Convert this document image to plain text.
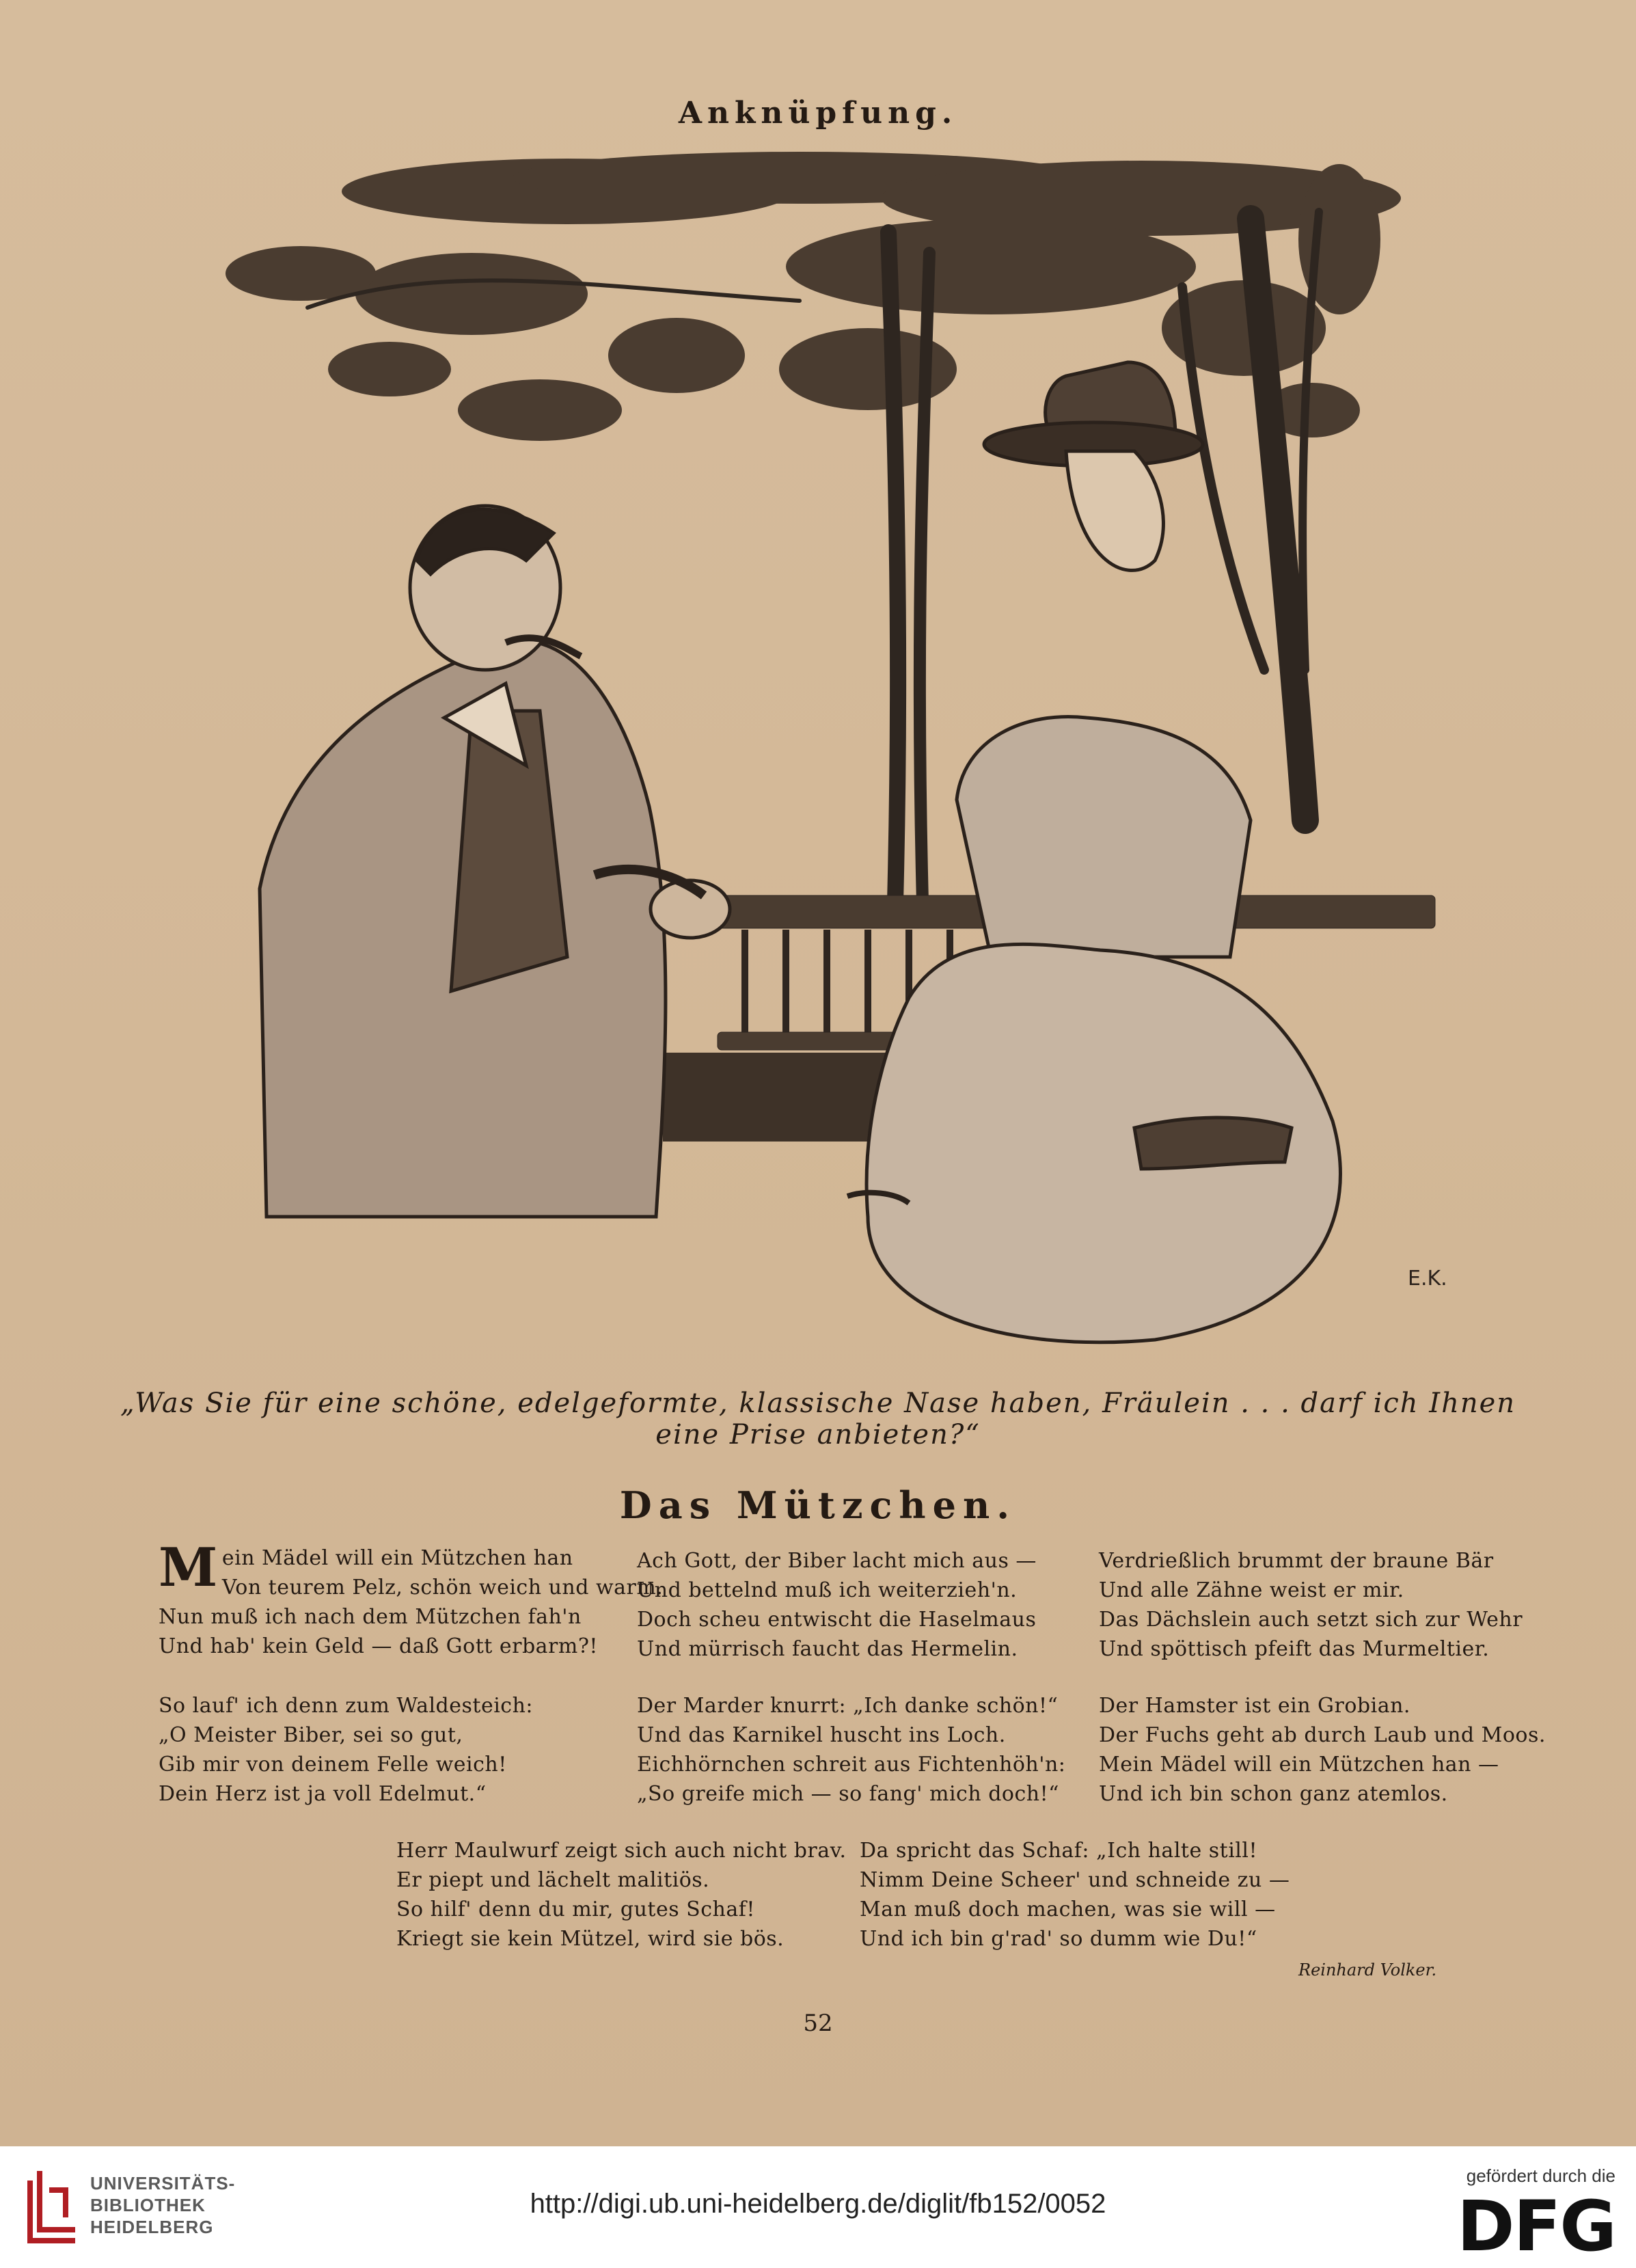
Anknüpfung.
E.K.
„Was Sie für eine schöne, edelgeformte, klassische Nase haben, Fräulein . . . darf ich Ihnen eine Prise anbieten?“
Das Mützchen.
M ein Mädel will ein Mützchen han
Von teurem Pelz, schön weich und warm.
Nun muß ich nach dem Mützchen fah'n
Und hab' kein Geld — daß Gott erbarm?!
Ach Gott, der Biber lacht mich aus —
Und bettelnd muß ich weiterzieh'n.
Doch scheu entwischt die Haselmaus
Und mürrisch faucht das Hermelin.
Verdrießlich brummt der braune Bär
Und alle Zähne weist er mir.
Das Dächslein auch setzt sich zur Wehr
Und spöttisch pfeift das Murmeltier.
So lauf' ich denn zum Waldesteich:
„O Meister Biber, sei so gut,
Gib mir von deinem Felle weich!
Dein Herz ist ja voll Edelmut.“
Der Marder knurrt: „Ich danke schön!“
Und das Karnikel huscht ins Loch.
Eichhörnchen schreit aus Fichtenhöh'n:
„So greife mich — so fang' mich doch!“
Der Hamster ist ein Grobian.
Der Fuchs geht ab durch Laub und Moos.
Mein Mädel will ein Mützchen han —
Und ich bin schon ganz atemlos.
Herr Maulwurf zeigt sich auch nicht brav.
Er piept und lächelt malitiös.
So hilf' denn du mir, gutes Schaf!
Kriegt sie kein Mützel, wird sie bös.
Da spricht das Schaf: „Ich halte still!
Nimm Deine Scheer' und schneide zu —
Man muß doch machen, was sie will —
Und ich bin g'rad' so dumm wie Du!“
Reinhard Volker.
52
UNIVERSITÄTS-
BIBLIOTHEK
HEIDELBERG
http://digi.ub.uni-heidelberg.de/diglit/fb152/0052
gefördert durch die
DFG
